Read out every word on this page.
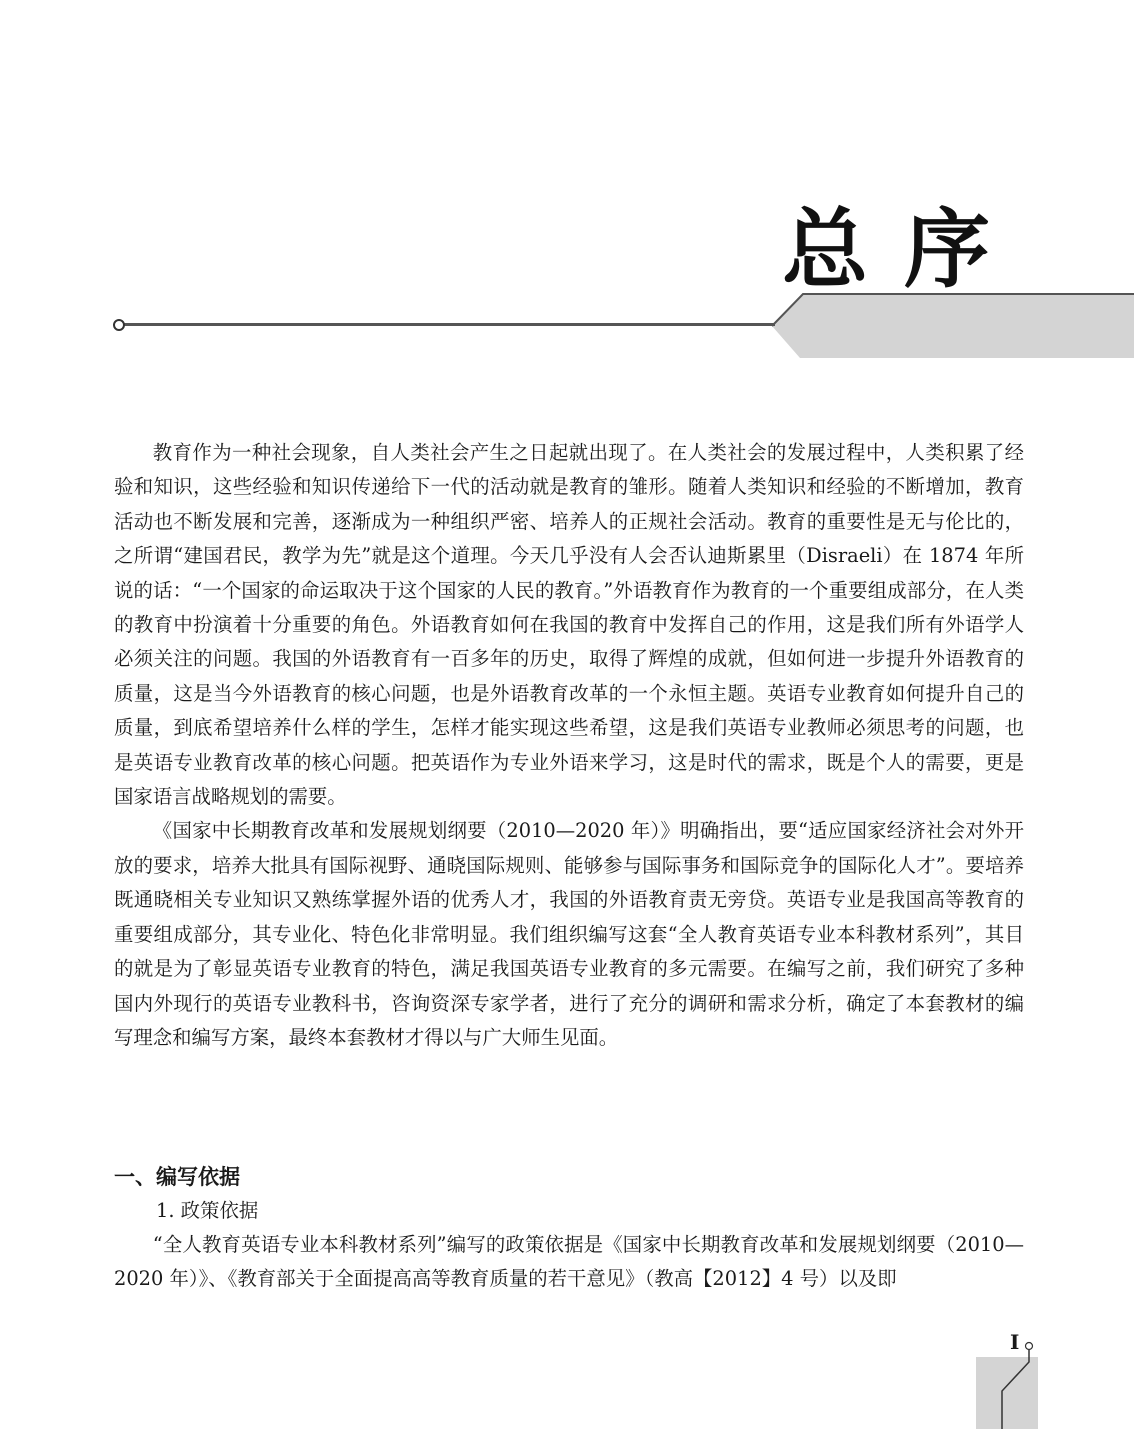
总序

教育作为一种社会现象，自人类社会产生之日起就出现了。在人类社会的发展过程中，人类积累了经验和知识，这些经验和知识传递给下一代的活动就是教育的雏形。随着人类知识和经验的不断增加，教育活动也不断发展和完善，逐渐成为一种组织严密、培养人的正规社会活动。教育的重要性是无与伦比的，之所谓“建国君民，教学为先”就是这个道理。今天几乎没有人会否认迪斯累里（Disraeli）在 1874 年所说的话：“一个国家的命运取决于这个国家的人民的教育。”外语教育作为教育的一个重要组成部分，在人类的教育中扮演着十分重要的角色。外语教育如何在我国的教育中发挥自己的作用，这是我们所有外语学人必须关注的问题。我国的外语教育有一百多年的历史，取得了辉煌的成就，但如何进一步提升外语教育的质量，这是当今外语教育的核心问题，也是外语教育改革的一个永恒主题。英语专业教育如何提升自己的质量，到底希望培养什么样的学生，怎样才能实现这些希望，这是我们英语专业教师必须思考的问题，也是英语专业教育改革的核心问题。把英语作为专业外语来学习，这是时代的需求，既是个人的需要，更是国家语言战略规划的需要。

《国家中长期教育改革和发展规划纲要（2010—2020 年）》明确指出，要“适应国家经济社会对外开放的要求，培养大批具有国际视野、通晓国际规则、能够参与国际事务和国际竞争的国际化人才”。要培养既通晓相关专业知识又熟练掌握外语的优秀人才，我国的外语教育责无旁贷。英语专业是我国高等教育的重要组成部分，其专业化、特色化非常明显。我们组织编写这套“全人教育英语专业本科教材系列”，其目的就是为了彰显英语专业教育的特色，满足我国英语专业教育的多元需要。在编写之前，我们研究了多种国内外现行的英语专业教科书，咨询资深专家学者，进行了充分的调研和需求分析，确定了本套教材的编写理念和编写方案，最终本套教材才得以与广大师生见面。

一、编写依据
1. 政策依据

“全人教育英语专业本科教材系列”编写的政策依据是《国家中长期教育改革和发展规划纲要（2010—2020 年）》、《教育部关于全面提高高等教育质量的若干意见》（教高【2012】4 号）以及即

I
